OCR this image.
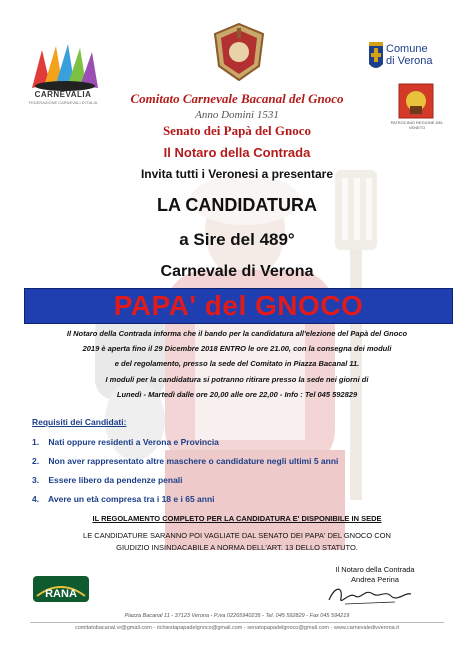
CARNEVALIA
FEDERAZIONE CARNEVALI D'ITALIA
Comune
di Verona
PATROCINIO REGIONE DEL VENETO
Comitato Carnevale Bacanal del Gnoco
Anno Domini 1531
Senato dei Papà del Gnoco
Il Notaro della Contrada
Invita tutti i Veronesi a presentare
LA CANDIDATURA
a Sire del 489°
Carnevale di Verona
PAPA' del GNOCO
Il Notaro della Contrada informa che il bando per la candidatura all'elezione del Papà del Gnoco
2019 è aperta fino il 29 Dicembre 2018 ENTRO le ore 21.00, con la consegna dei moduli
e del regolamento, presso la sede del Comitato in Piazza Bacanal 11.
I moduli per la candidatura si potranno ritirare presso la sede nei giorni di
Lunedì - Martedì dalle ore 20,00 alle ore 22,00 - Info : Tel 045 592829
Requisiti dei Candidati:
1. Nati oppure residenti a Verona e Provincia
2. Non aver rappresentato altre maschere o candidature negli ultimi 5 anni
3. Essere libero da pendenze penali
4. Avere un età compresa tra i 18 e i 65 anni
IL REGOLAMENTO COMPLETO PER LA CANDIDATURA E' DISPONIBILE IN SEDE
LE CANDIDATURE SARANNO POI VAGLIATE DAL SENATO DEI PAPA' DEL GNOCO CON
GIUDIZIO INSINDACABILE A NORMA DELL'ART. 13 DELLO STATUTO.
RANA
Il Notaro della Contrada
Andrea Perina
Piazza Bacanal 11 - 37123 Verona - P.iva 02265940235 - Tel. 045 592829 - Fax 045 594219
comitatobacanal.vr@gmail.com - richiestapapadelgnoco@gmail.com - senatopapadelgnoco@gmail.com - www.carnevaledivverona.it
